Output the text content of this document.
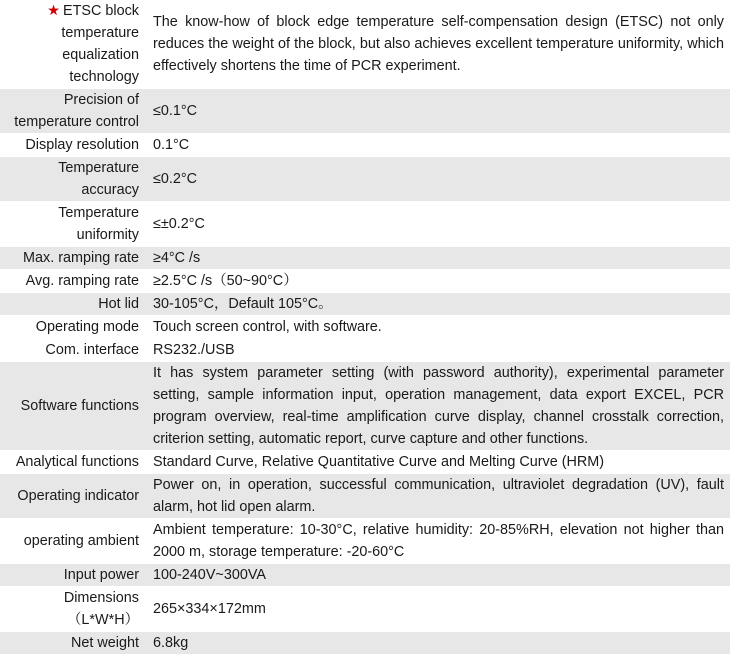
★ ETSC block temperature equalization technology	The know-how of block edge temperature self-compensation design (ETSC) not only reduces the weight of the block, but also achieves excellent temperature uniformity, which effectively shortens the time of PCR experiment.
Precision of temperature control	≤0.1°C
Display resolution	0.1°C
Temperature accuracy	≤0.2°C
Temperature uniformity	≤±0.2°C
Max. ramping rate	≥4°C /s
Avg. ramping rate	≥2.5°C /s（50~90°C）
Hot lid	30-105°C，Default 105°C。
Operating mode	Touch screen control, with software.
Com. interface	RS232./USB
Software functions	It has system parameter setting (with password authority), experimental parameter setting, sample information input, operation management, data export EXCEL, PCR program overview, real-time amplification curve display, channel crosstalk correction, criterion setting, automatic report, curve capture and other functions.
Analytical functions	Standard Curve, Relative Quantitative Curve and Melting Curve (HRM)
Operating indicator	Power on, in operation, successful communication, ultraviolet degradation (UV), fault alarm, hot lid open alarm.
operating ambient	Ambient temperature: 10-30°C, relative humidity: 20-85%RH, elevation not higher than 2000 m, storage temperature: -20-60°C
Input power	100-240V~300VA
Dimensions（L*W*H）	265×334×172mm
Net weight	6.8kg
